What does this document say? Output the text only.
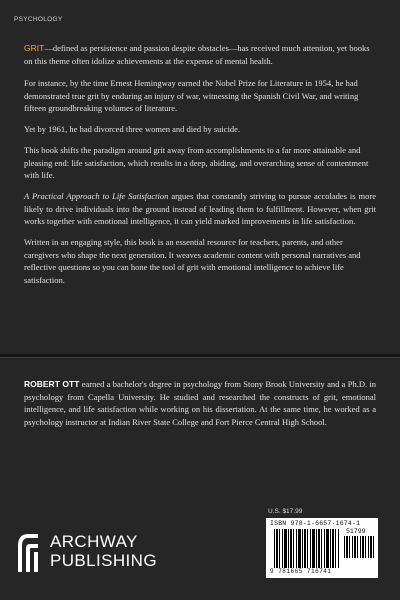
PSYCHOLOGY

GRIT—defined as persistence and passion despite obstacles—has received much attention, yet books on this theme often idolize achievements at the expense of mental health.

For instance, by the time Ernest Hemingway earned the Nobel Prize for Literature in 1954, he had demonstrated true grit by enduring an injury of war, witnessing the Spanish Civil War, and writing fifteen groundbreaking volumes of literature.

Yet by 1961, he had divorced three women and died by suicide.

This book shifts the paradigm around grit away from accomplishments to a far more attainable and pleasing end: life satisfaction, which results in a deep, abiding, and overarching sense of contentment with life.

A Practical Approach to Life Satisfaction argues that constantly striving to pursue accolades is more likely to drive individuals into the ground instead of leading them to fulfillment. However, when grit works together with emotional intelligence, it can yield marked improvements in life satisfaction.

Written in an engaging style, this book is an essential resource for teachers, parents, and other caregivers who shape the next generation. It weaves academic content with personal narratives and reflective questions so you can hone the tool of grit with emotional intelligence to achieve life satisfaction.

ROBERT OTT earned a bachelor's degree in psychology from Stony Brook University and a Ph.D. in psychology from Capella University. He studied and researched the constructs of grit, emotional intelligence, and life satisfaction while working on his dissertation. At the same time, he worked as a psychology instructor at Indian River State College and Fort Pierce Central High School.

U.S. $17.99
ISBN 978-1-6657-1674-1
51799
9 781665 716741
ARCHWAY
PUBLISHING
